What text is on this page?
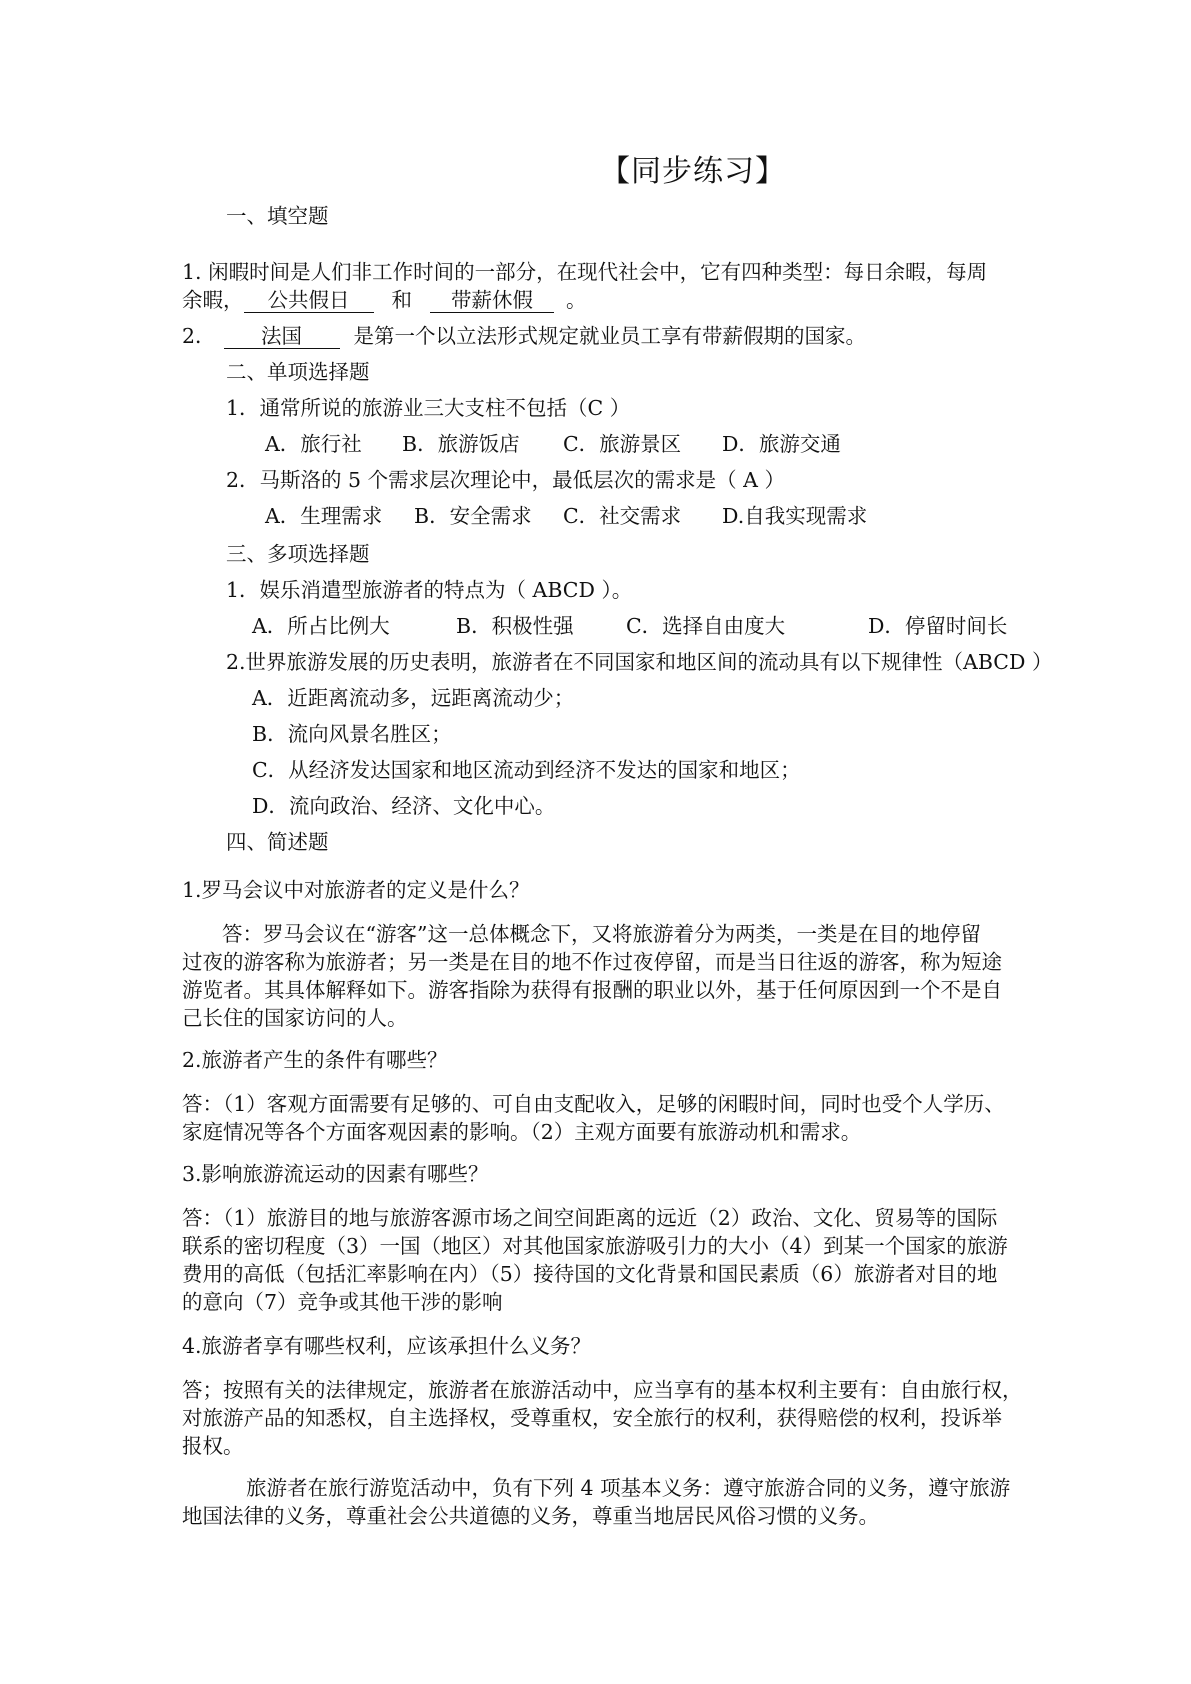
【同步练习】
一、填空题
1. 闲暇时间是人们非工作时间的一部分，在现代社会中，它有四种类型：每日余暇，每周
余暇， 公共假日 和 带薪休假 。
2． 法国	是第一个以立法形式规定就业员工享有带薪假期的国家。
二、单项选择题
1．通常所说的旅游业三大支柱不包括（C ）
A．旅行社 B．旅游饭店 C．旅游景区 D．旅游交通
2．马斯洛的 5 个需求层次理论中，最低层次的需求是（ A ）
A．生理需求 B．安全需求 C．社交需求 D.自我实现需求
三、多项选择题
1．娱乐消遣型旅游者的特点为（ ABCD ）。
A．所占比例大	B．积极性强	C．选择自由度大	D．停留时间长
2.世界旅游发展的历史表明，旅游者在不同国家和地区间的流动具有以下规律性（ABCD ）
A．近距离流动多，远距离流动少；
B．流向风景名胜区；
C．从经济发达国家和地区流动到经济不发达的国家和地区；
D．流向政治、经济、文化中心。
四、简述题
1.罗马会议中对旅游者的定义是什么？
答：罗马会议在“游客”这一总体概念下，又将旅游着分为两类，一类是在目的地停留
过夜的游客称为旅游者；另一类是在目的地不作过夜停留，而是当日往返的游客，称为短途
游览者。其具体解释如下。游客指除为获得有报酬的职业以外，基于任何原因到一个不是自
己长住的国家访问的人。
2.旅游者产生的条件有哪些？
答：（1）客观方面需要有足够的、可自由支配收入，足够的闲暇时间，同时也受个人学历、
家庭情况等各个方面客观因素的影响。（2）主观方面要有旅游动机和需求。
3.影响旅游流运动的因素有哪些？
答：（1）旅游目的地与旅游客源市场之间空间距离的远近（2）政治、文化、贸易等的国际
联系的密切程度（3）一国（地区）对其他国家旅游吸引力的大小（4）到某一个国家的旅游
费用的高低（包括汇率影响在内）（5）接待国的文化背景和国民素质（6）旅游者对目的地
的意向（7）竞争或其他干涉的影响
4.旅游者享有哪些权利，应该承担什么义务？
答；按照有关的法律规定，旅游者在旅游活动中，应当享有的基本权利主要有：自由旅行权，
对旅游产品的知悉权，自主选择权，受尊重权，安全旅行的权利，获得赔偿的权利，投诉举
报权。
旅游者在旅行游览活动中，负有下列 4 项基本义务：遵守旅游合同的义务，遵守旅游
地国法律的义务，尊重社会公共道德的义务，尊重当地居民风俗习惯的义务。
